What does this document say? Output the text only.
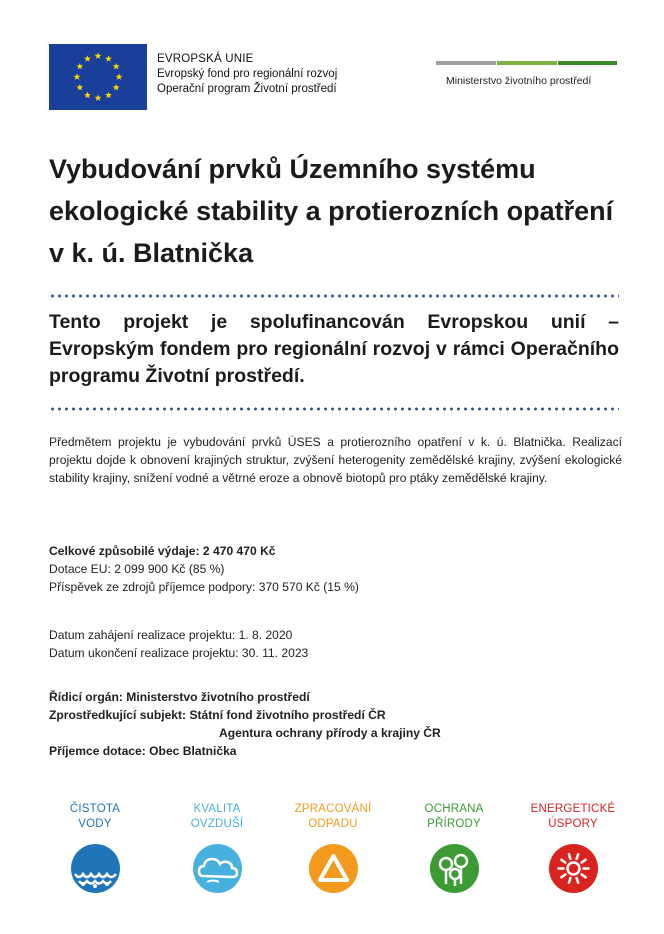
EVROPSKÁ UNIE
Evropský fond pro regionální rozvoj
Operační program Životní prostředí
Ministerstvo životního prostředí
Vybudování prvků Územního systému ekologické stability a protierozních opatření v k. ú. Blatnička
Tento projekt je spolufinancován Evropskou unií – Evropským fondem pro regionální rozvoj v rámci Operačního programu Životní prostředí.
Předmětem projektu je vybudování prvků ÚSES a protierozního opatření v k. ú. Blatnička. Realizací projektu dojde k obnovení krajiných struktur, zvýšení heterogenity zemědělské krajiny, zvýšení ekologické stability krajiny, snížení vodné a větrné eroze a obnově biotopů pro ptáky zemědělské krajiny.
Celkové způsobilé výdaje: 2 470 470 Kč
Dotace EU: 2 099 900 Kč (85 %)
Příspěvek ze zdrojů příjemce podpory: 370 570 Kč (15 %)
Datum zahájení realizace projektu: 1. 8. 2020
Datum ukončení realizace projektu: 30. 11. 2023
Řídicí orgán: Ministerstvo životního prostředí
Zprostředkující subjekt: Státní fond životního prostředí ČR
Agentura ochrany přírody a krajiny ČR
Příjemce dotace: Obec Blatnička
ČISTOTA
VODY
KVALITA
OVZDUŠÍ
ZPRACOVÁNÍ
ODPADU
OCHRANA
PŘÍRODY
ENERGETICKÉ
ÚSPORY
